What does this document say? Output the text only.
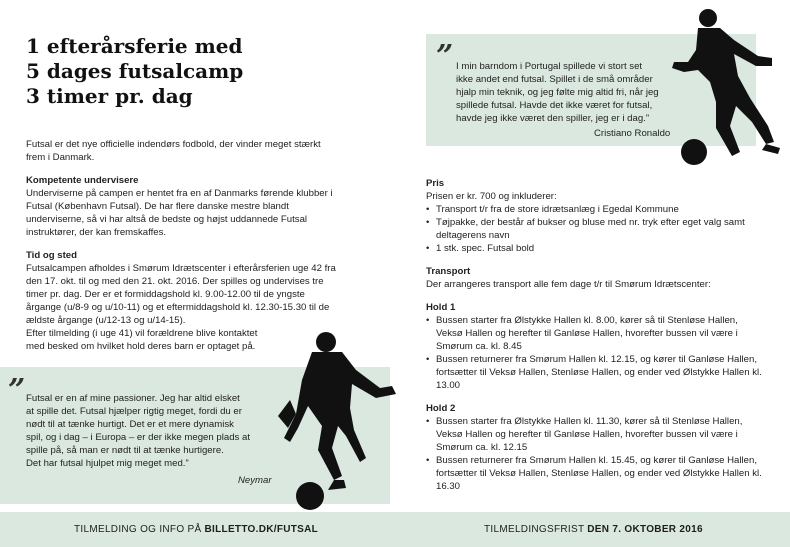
1 efterårsferie med
5 dages futsalcamp
3 timer pr. dag

Futsal er det nye officielle indendørs fodbold, der vinder meget stærkt frem i Danmark.

Kompetente undervisere

Underviserne på campen er hentet fra en af Danmarks førende klubber i Futsal (København Futsal). De har flere danske mestre blandt underviserne, så vi har altså de bedste og højst uddannede Futsal instruktører, der kan fremskaffes.

Tid og sted

Futsalcampen afholdes i Smørum Idrætscenter i efterårsferien uge 42 fra den 17. okt. til og med den 21. okt. 2016. Der spilles og undervises tre timer pr. dag. Der er et formiddagshold kl. 9.00-12.00 til de yngste årgange (u/8-9 og u/10-11) og et eftermiddagshold kl. 12.30-15.30 til de ældste årgange (u/12-13 og u/14-15).

Efter tilmelding (i uge 41) vil forældrene blive kontaktet med besked om hvilket hold deres barn er optaget på.

” Futsal er en af mine passioner. Jeg har altid elsket
at spille det. Futsal hjælper rigtig meget, fordi du er
nødt til at tænke hurtigt. Det er et mere dynamisk
spil, og i dag – i Europa – er der ikke megen plads at
spille på, så man er nødt til at tænke hurtigere.
Det har futsal hjulpet mig meget med.”
Neymar
” I min barndom i Portugal spillede vi stort set
ikke andet end futsal. Spillet i de små områder
hjalp min teknik, og jeg følte mig altid fri, når jeg
spillede futsal. Havde det ikke været for futsal,
havde jeg ikke været den spiller, jeg er i dag.”
Cristiano Ronaldo

Pris

Prisen er kr. 700 og inkluderer:

• Transport t/r fra de store idrætsanlæg i Egedal Kommune
• Tøjpakke, der består af bukser og bluse med nr. tryk efter eget valg samt deltagerens navn
• 1 stk. spec. Futsal bold

Transport

Der arrangeres transport alle fem dage t/r til Smørum Idrætscenter:

Hold 1

• Bussen starter fra Ølstykke Hallen kl. 8.00, kører så til Stenløse Hallen, Veksø Hallen og herefter til Ganløse Hallen, hvorefter bussen vil være i Smørum ca. kl. 8.45
• Bussen returnerer fra Smørum Hallen kl. 12.15, og kører til Ganløse Hallen, fortsætter til Veksø Hallen, Stenløse Hallen, og ender ved Ølstykke Hallen kl. 13.00

Hold 2

• Bussen starter fra Ølstykke Hallen kl. 11.30, kører så til Stenløse Hallen, Veksø Hallen og herefter til Ganløse Hallen, hvorefter bussen vil være i Smørum ca. kl. 12.15
• Bussen returnerer fra Smørum Hallen kl. 15.45, og kører til Ganløse Hallen, fortsætter til Veksø Hallen, Stenløse Hallen, og ender ved Ølstykke Hallen kl. 16.30
TILMELDING OG INFO PÅ BILLETTO.DK/FUTSAL	TILMELDINGSFRIST DEN 7. OKTOBER 2016
